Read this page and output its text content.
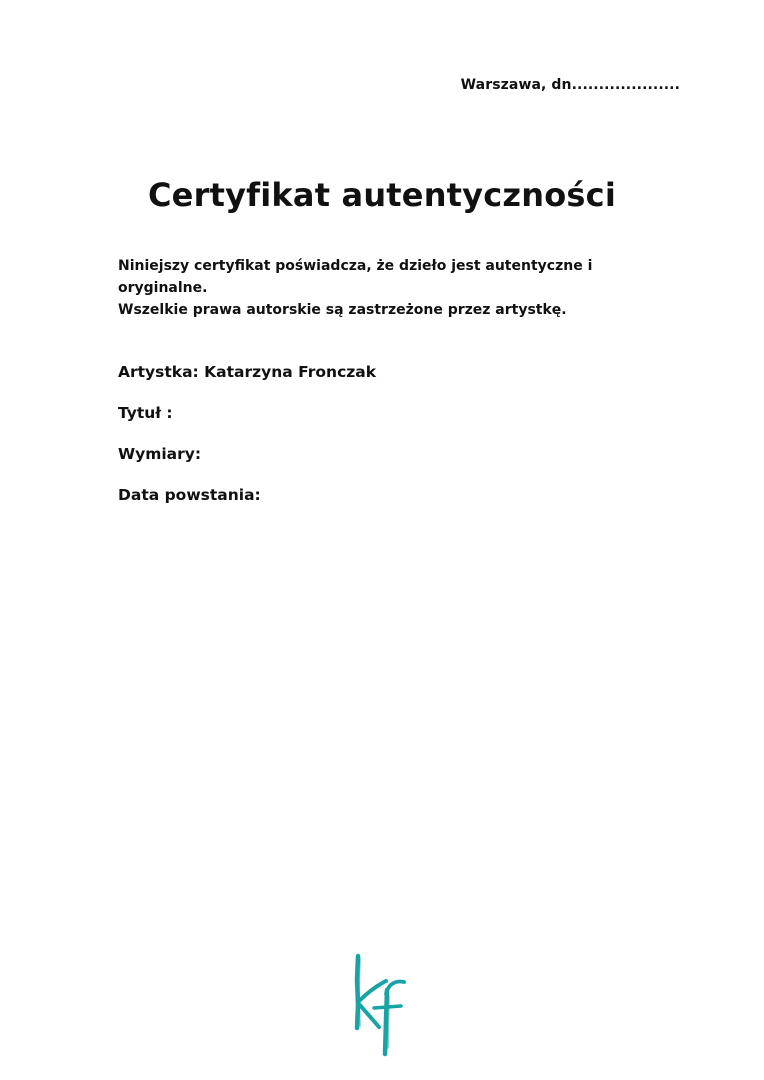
Warszawa, dn....................
Certyfikat autentyczności

Niniejszy certyfikat poświadcza, że dzieło jest autentyczne i oryginalne.

Wszelkie prawa autorskie są zastrzeżone przez artystkę.

Artystka: Katarzyna Fronczak
Tytuł :
Wymiary:
Data powstania:
